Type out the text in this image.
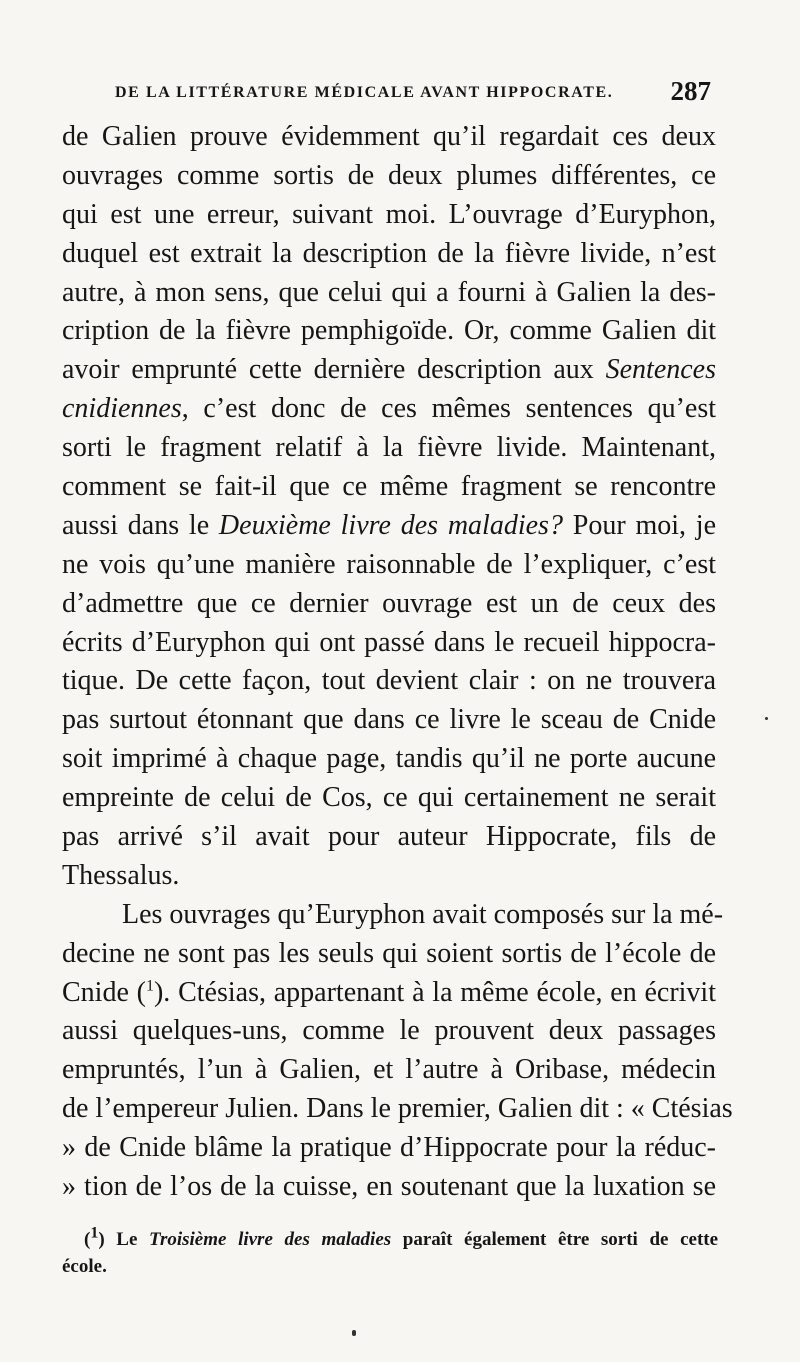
DE LA LITTÉRATURE MÉDICALE AVANT HIPPOCRATE. 287
de Galien prouve évidemment qu’il regardait ces deux
ouvrages comme sortis de deux plumes différentes, ce
qui est une erreur, suivant moi. L’ouvrage d’Euryphon,
duquel est extrait la description de la fièvre livide, n’est
autre, à mon sens, que celui qui a fourni à Galien la des-
cription de la fièvre pemphigoïde. Or, comme Galien dit
avoir emprunté cette dernière description aux Sentences
cnidiennes, c’est donc de ces mêmes sentences qu’est
sorti le fragment relatif à la fièvre livide. Maintenant,
comment se fait-il que ce même fragment se rencontre
aussi dans le Deuxième livre des maladies? Pour moi, je
ne vois qu’une manière raisonnable de l’expliquer, c’est
d’admettre que ce dernier ouvrage est un de ceux des
écrits d’Euryphon qui ont passé dans le recueil hippocra-
tique. De cette façon, tout devient clair : on ne trouvera
pas surtout étonnant que dans ce livre le sceau de Cnide
soit imprimé à chaque page, tandis qu’il ne porte aucune
empreinte de celui de Cos, ce qui certainement ne serait
pas arrivé s’il avait pour auteur Hippocrate, fils de
Thessalus.
Les ouvrages qu’Euryphon avait composés sur la mé-
decine ne sont pas les seuls qui soient sortis de l’école de
Cnide ($^1$). Ctésias, appartenant à la même école, en écrivit
aussi quelques-uns, comme le prouvent deux passages
empruntés, l’un à Galien, et l’autre à Oribase, médecin
de l’empereur Julien. Dans le premier, Galien dit : « Ctésias
» de Cnide blâme la pratique d’Hippocrate pour la réduc-
» tion de l’os de la cuisse, en soutenant que la luxation se
($^1$) Le Troisième livre des maladies paraît également être sorti de cette
école.
